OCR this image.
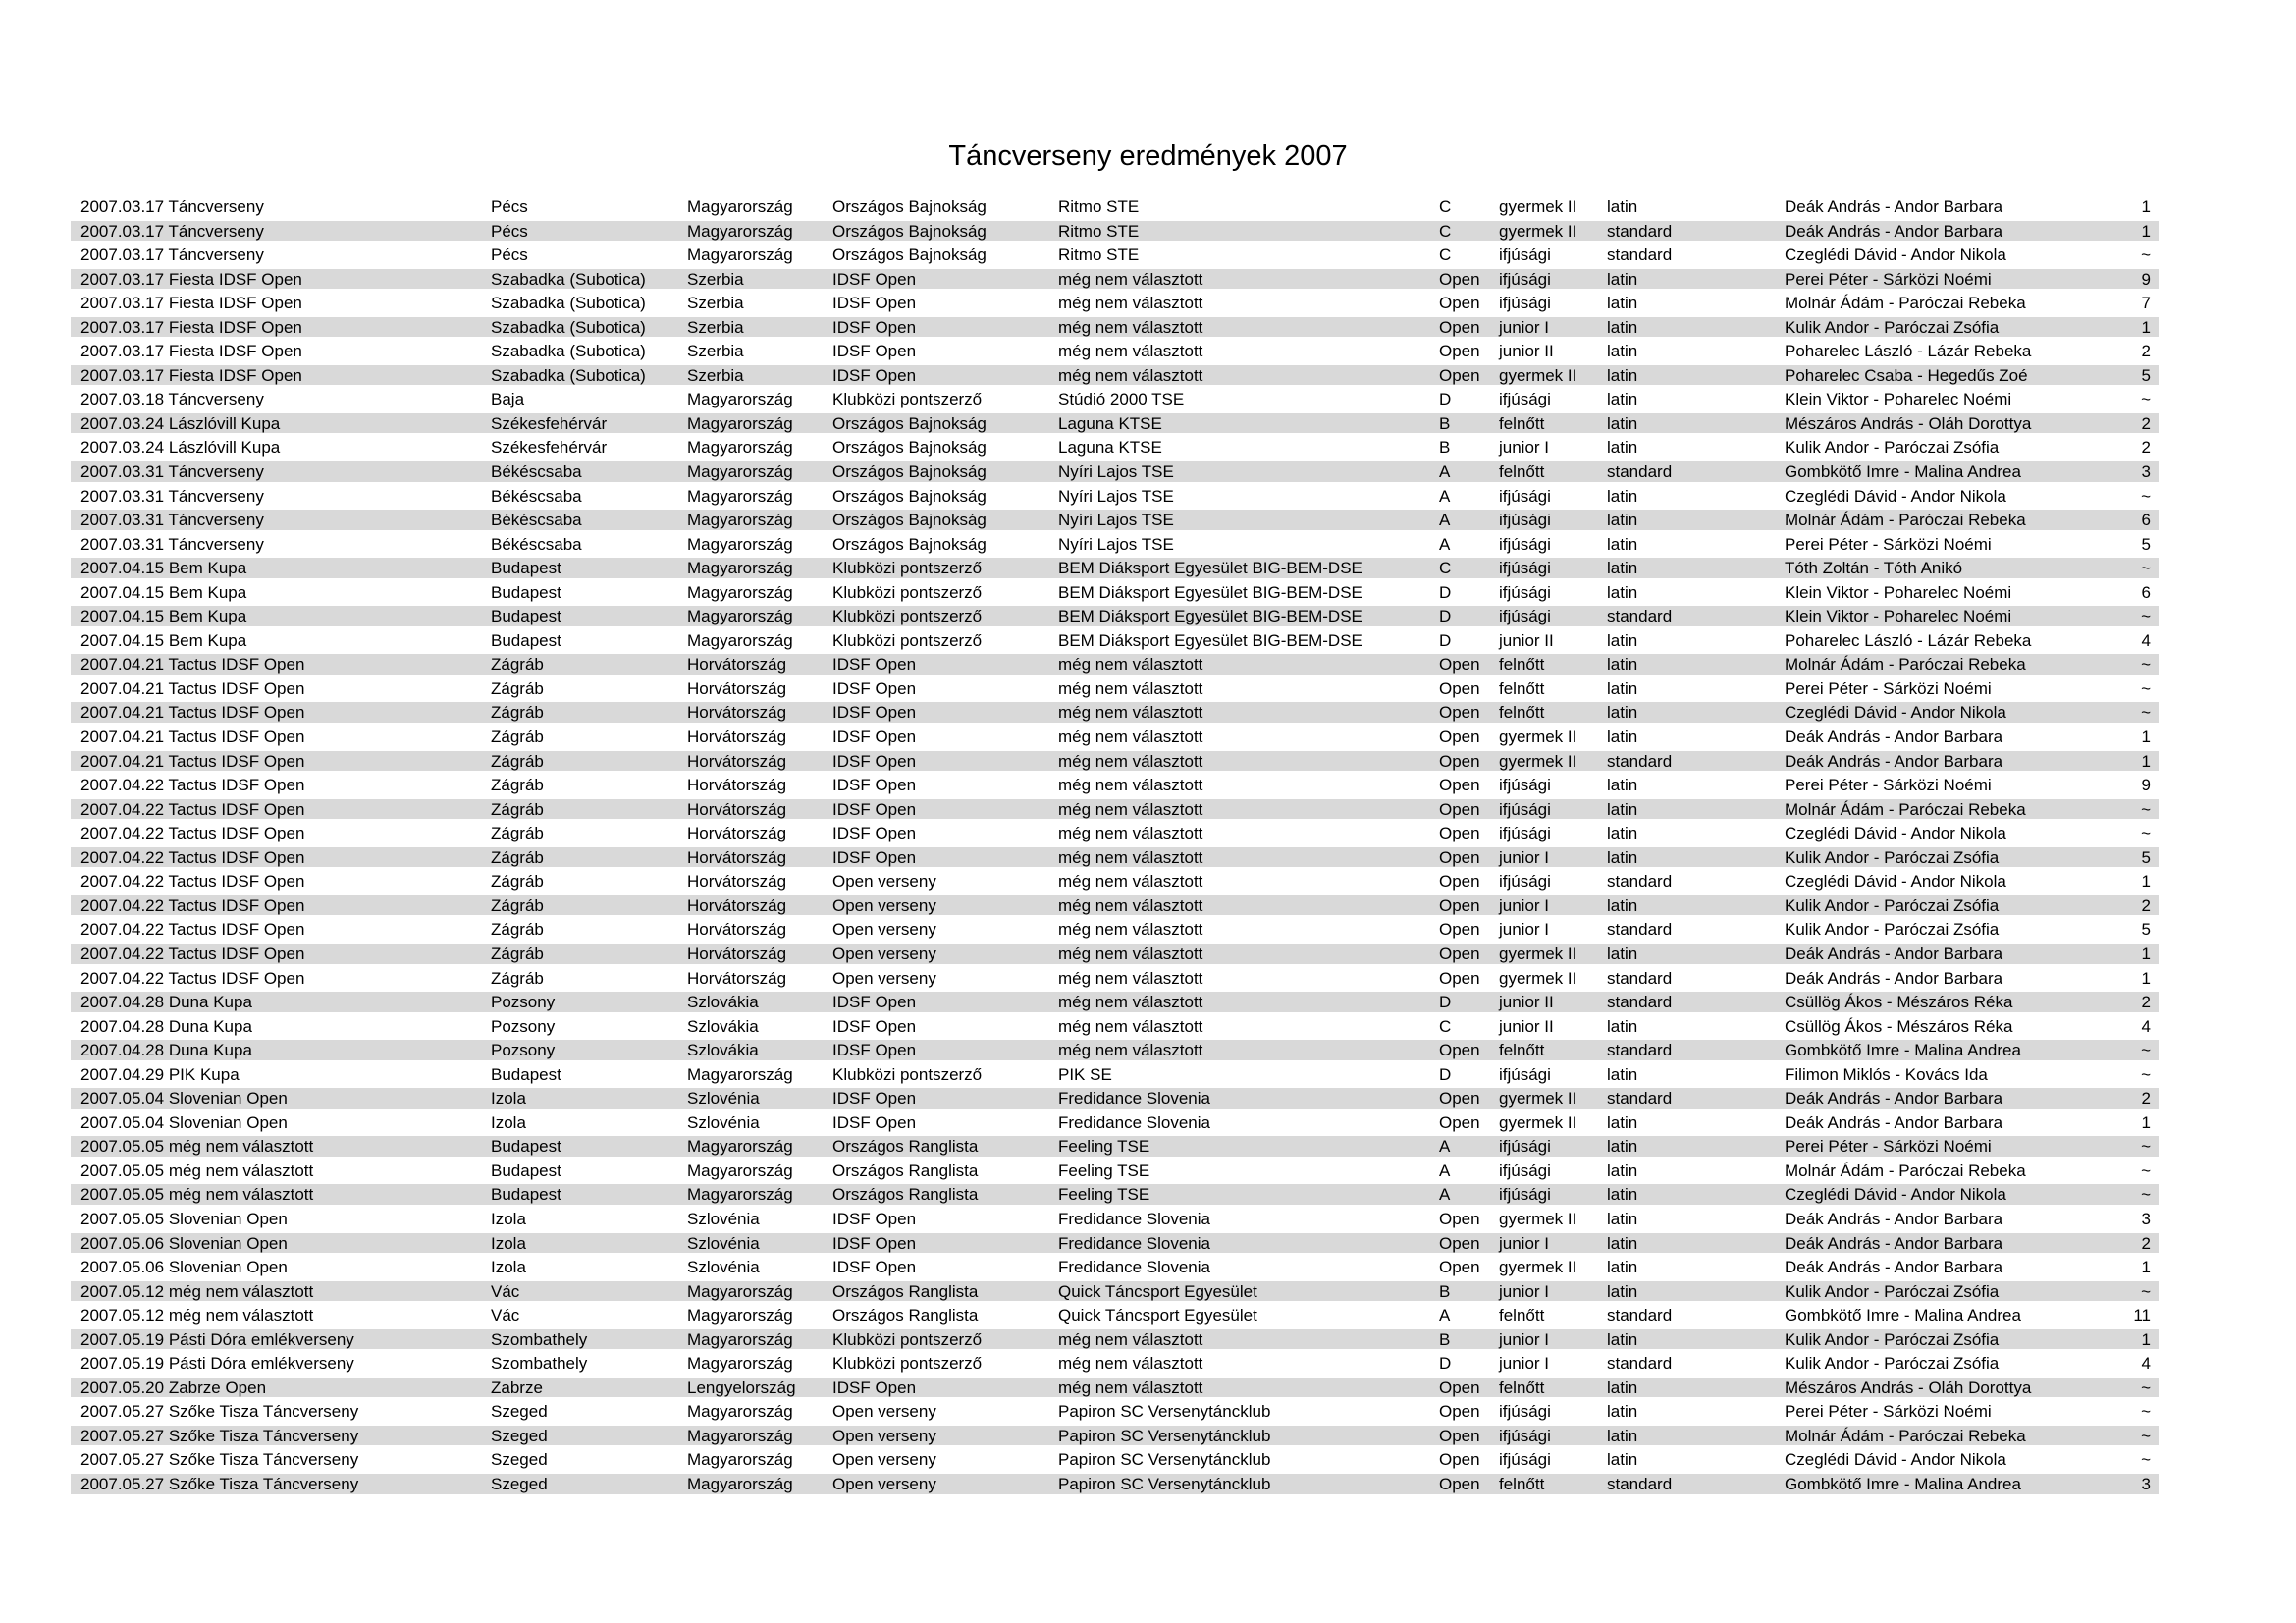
Táncverseny eredmények 2007
2007.03.17 Táncverseny	Pécs	Magyarország	Országos Bajnokság	Ritmo STE	C	gyermek II	latin	Deák András - Andor Barbara	1
2007.03.17 Táncverseny	Pécs	Magyarország	Országos Bajnokság	Ritmo STE	C	gyermek II	standard	Deák András - Andor Barbara	1
2007.03.17 Táncverseny	Pécs	Magyarország	Országos Bajnokság	Ritmo STE	C	ifjúsági	standard	Czeglédi Dávid - Andor Nikola	~
2007.03.17 Fiesta IDSF Open	Szabadka (Subotica)	Szerbia	IDSF Open	még nem választott	Open	ifjúsági	latin	Perei Péter - Sárközi Noémi	9
2007.03.17 Fiesta IDSF Open	Szabadka (Subotica)	Szerbia	IDSF Open	még nem választott	Open	ifjúsági	latin	Molnár Ádám - Paróczai Rebeka	7
2007.03.17 Fiesta IDSF Open	Szabadka (Subotica)	Szerbia	IDSF Open	még nem választott	Open	junior I	latin	Kulik Andor - Paróczai Zsófia	1
2007.03.17 Fiesta IDSF Open	Szabadka (Subotica)	Szerbia	IDSF Open	még nem választott	Open	junior II	latin	Poharelec László - Lázár Rebeka	2
2007.03.17 Fiesta IDSF Open	Szabadka (Subotica)	Szerbia	IDSF Open	még nem választott	Open	gyermek II	latin	Poharelec Csaba - Hegedűs Zoé	5
2007.03.18 Táncverseny	Baja	Magyarország	Klubközi pontszerző	Stúdió 2000 TSE	D	ifjúsági	latin	Klein Viktor - Poharelec Noémi	~
2007.03.24 Lászlóvill Kupa	Székesfehérvár	Magyarország	Országos Bajnokság	Laguna KTSE	B	felnőtt	latin	Mészáros András - Oláh Dorottya	2
2007.03.24 Lászlóvill Kupa	Székesfehérvár	Magyarország	Országos Bajnokság	Laguna KTSE	B	junior I	latin	Kulik Andor - Paróczai Zsófia	2
2007.03.31 Táncverseny	Békéscsaba	Magyarország	Országos Bajnokság	Nyíri Lajos TSE	A	felnőtt	standard	Gombkötő Imre - Malina Andrea	3
2007.03.31 Táncverseny	Békéscsaba	Magyarország	Országos Bajnokság	Nyíri Lajos TSE	A	ifjúsági	latin	Czeglédi Dávid - Andor Nikola	~
2007.03.31 Táncverseny	Békéscsaba	Magyarország	Országos Bajnokság	Nyíri Lajos TSE	A	ifjúsági	latin	Molnár Ádám - Paróczai Rebeka	6
2007.03.31 Táncverseny	Békéscsaba	Magyarország	Országos Bajnokság	Nyíri Lajos TSE	A	ifjúsági	latin	Perei Péter - Sárközi Noémi	5
2007.04.15 Bem Kupa	Budapest	Magyarország	Klubközi pontszerző	BEM Diáksport Egyesület BIG-BEM-DSE	C	ifjúsági	latin	Tóth Zoltán - Tóth Anikó	~
2007.04.15 Bem Kupa	Budapest	Magyarország	Klubközi pontszerző	BEM Diáksport Egyesület BIG-BEM-DSE	D	ifjúsági	latin	Klein Viktor - Poharelec Noémi	6
2007.04.15 Bem Kupa	Budapest	Magyarország	Klubközi pontszerző	BEM Diáksport Egyesület BIG-BEM-DSE	D	ifjúsági	standard	Klein Viktor - Poharelec Noémi	~
2007.04.15 Bem Kupa	Budapest	Magyarország	Klubközi pontszerző	BEM Diáksport Egyesület BIG-BEM-DSE	D	junior II	latin	Poharelec László - Lázár Rebeka	4
2007.04.21 Tactus IDSF Open	Zágráb	Horvátország	IDSF Open	még nem választott	Open	felnőtt	latin	Molnár Ádám - Paróczai Rebeka	~
2007.04.21 Tactus IDSF Open	Zágráb	Horvátország	IDSF Open	még nem választott	Open	felnőtt	latin	Perei Péter - Sárközi Noémi	~
2007.04.21 Tactus IDSF Open	Zágráb	Horvátország	IDSF Open	még nem választott	Open	felnőtt	latin	Czeglédi Dávid - Andor Nikola	~
2007.04.21 Tactus IDSF Open	Zágráb	Horvátország	IDSF Open	még nem választott	Open	gyermek II	latin	Deák András - Andor Barbara	1
2007.04.21 Tactus IDSF Open	Zágráb	Horvátország	IDSF Open	még nem választott	Open	gyermek II	standard	Deák András - Andor Barbara	1
2007.04.22 Tactus IDSF Open	Zágráb	Horvátország	IDSF Open	még nem választott	Open	ifjúsági	latin	Perei Péter - Sárközi Noémi	9
2007.04.22 Tactus IDSF Open	Zágráb	Horvátország	IDSF Open	még nem választott	Open	ifjúsági	latin	Molnár Ádám - Paróczai Rebeka	~
2007.04.22 Tactus IDSF Open	Zágráb	Horvátország	IDSF Open	még nem választott	Open	ifjúsági	latin	Czeglédi Dávid - Andor Nikola	~
2007.04.22 Tactus IDSF Open	Zágráb	Horvátország	IDSF Open	még nem választott	Open	junior I	latin	Kulik Andor - Paróczai Zsófia	5
2007.04.22 Tactus IDSF Open	Zágráb	Horvátország	Open verseny	még nem választott	Open	ifjúsági	standard	Czeglédi Dávid - Andor Nikola	1
2007.04.22 Tactus IDSF Open	Zágráb	Horvátország	Open verseny	még nem választott	Open	junior I	latin	Kulik Andor - Paróczai Zsófia	2
2007.04.22 Tactus IDSF Open	Zágráb	Horvátország	Open verseny	még nem választott	Open	junior I	standard	Kulik Andor - Paróczai Zsófia	5
2007.04.22 Tactus IDSF Open	Zágráb	Horvátország	Open verseny	még nem választott	Open	gyermek II	latin	Deák András - Andor Barbara	1
2007.04.22 Tactus IDSF Open	Zágráb	Horvátország	Open verseny	még nem választott	Open	gyermek II	standard	Deák András - Andor Barbara	1
2007.04.28 Duna Kupa	Pozsony	Szlovákia	IDSF Open	még nem választott	D	junior II	standard	Csüllög Ákos - Mészáros Réka	2
2007.04.28 Duna Kupa	Pozsony	Szlovákia	IDSF Open	még nem választott	C	junior II	latin	Csüllög Ákos - Mészáros Réka	4
2007.04.28 Duna Kupa	Pozsony	Szlovákia	IDSF Open	még nem választott	Open	felnőtt	standard	Gombkötő Imre - Malina Andrea	~
2007.04.29 PIK Kupa	Budapest	Magyarország	Klubközi pontszerző	PIK SE	D	ifjúsági	latin	Filimon Miklós - Kovács Ida	~
2007.05.04 Slovenian Open	Izola	Szlovénia	IDSF Open	Fredidance Slovenia	Open	gyermek II	standard	Deák András - Andor Barbara	2
2007.05.04 Slovenian Open	Izola	Szlovénia	IDSF Open	Fredidance Slovenia	Open	gyermek II	latin	Deák András - Andor Barbara	1
2007.05.05 még nem választott	Budapest	Magyarország	Országos Ranglista	Feeling TSE	A	ifjúsági	latin	Perei Péter - Sárközi Noémi	~
2007.05.05 még nem választott	Budapest	Magyarország	Országos Ranglista	Feeling TSE	A	ifjúsági	latin	Molnár Ádám - Paróczai Rebeka	~
2007.05.05 még nem választott	Budapest	Magyarország	Országos Ranglista	Feeling TSE	A	ifjúsági	latin	Czeglédi Dávid - Andor Nikola	~
2007.05.05 Slovenian Open	Izola	Szlovénia	IDSF Open	Fredidance Slovenia	Open	gyermek II	latin	Deák András - Andor Barbara	3
2007.05.06 Slovenian Open	Izola	Szlovénia	IDSF Open	Fredidance Slovenia	Open	junior I	latin	Deák András - Andor Barbara	2
2007.05.06 Slovenian Open	Izola	Szlovénia	IDSF Open	Fredidance Slovenia	Open	gyermek II	latin	Deák András - Andor Barbara	1
2007.05.12 még nem választott	Vác	Magyarország	Országos Ranglista	Quick Táncsport Egyesület	B	junior I	latin	Kulik Andor - Paróczai Zsófia	~
2007.05.12 még nem választott	Vác	Magyarország	Országos Ranglista	Quick Táncsport Egyesület	A	felnőtt	standard	Gombkötő Imre - Malina Andrea	11
2007.05.19 Pásti Dóra emlékverseny	Szombathely	Magyarország	Klubközi pontszerző	még nem választott	B	junior I	latin	Kulik Andor - Paróczai Zsófia	1
2007.05.19 Pásti Dóra emlékverseny	Szombathely	Magyarország	Klubközi pontszerző	még nem választott	D	junior I	standard	Kulik Andor - Paróczai Zsófia	4
2007.05.20 Zabrze Open	Zabrze	Lengyelország	IDSF Open	még nem választott	Open	felnőtt	latin	Mészáros András - Oláh Dorottya	~
2007.05.27 Szőke Tisza Táncverseny	Szeged	Magyarország	Open verseny	Papiron SC Versenytáncklub	Open	ifjúsági	latin	Perei Péter - Sárközi Noémi	~
2007.05.27 Szőke Tisza Táncverseny	Szeged	Magyarország	Open verseny	Papiron SC Versenytáncklub	Open	ifjúsági	latin	Molnár Ádám - Paróczai Rebeka	~
2007.05.27 Szőke Tisza Táncverseny	Szeged	Magyarország	Open verseny	Papiron SC Versenytáncklub	Open	ifjúsági	latin	Czeglédi Dávid - Andor Nikola	~
2007.05.27 Szőke Tisza Táncverseny	Szeged	Magyarország	Open verseny	Papiron SC Versenytáncklub	Open	felnőtt	standard	Gombkötő Imre - Malina Andrea	3
